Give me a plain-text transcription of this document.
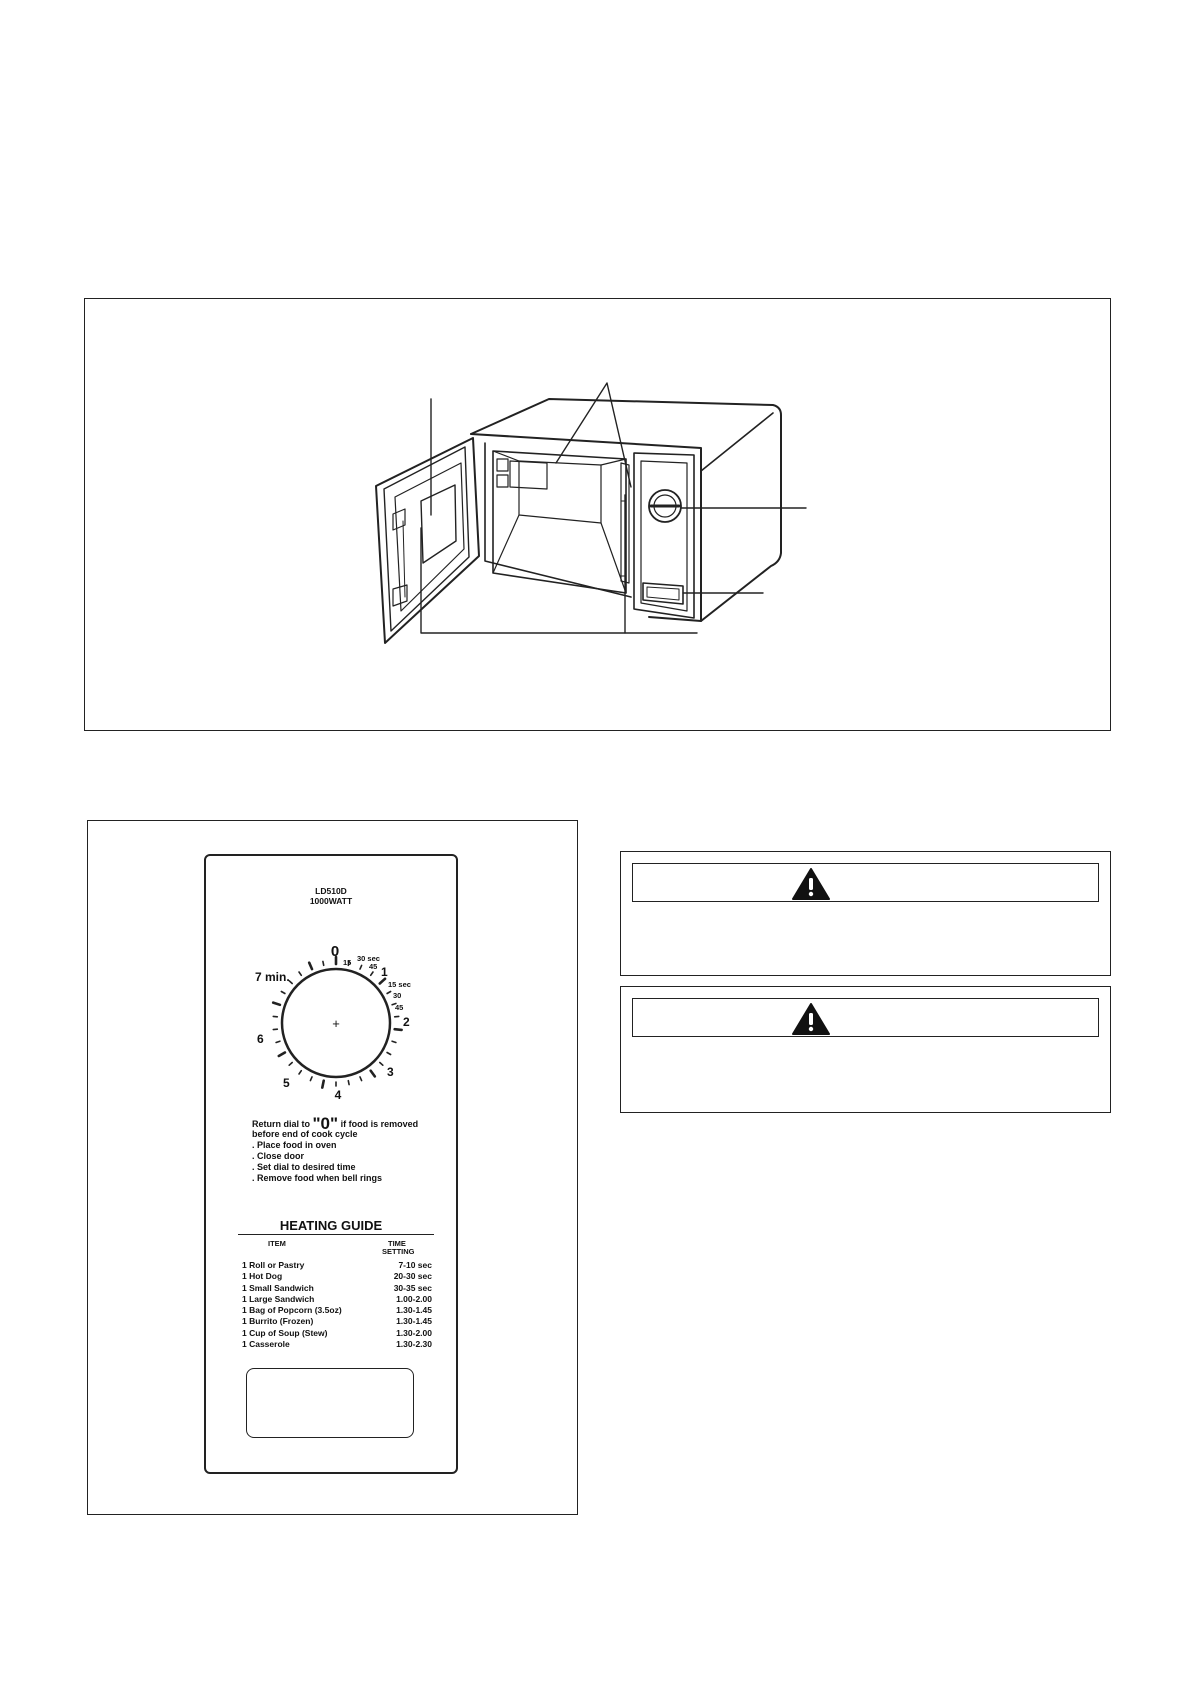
LD510D
1000WATT
0
15 30 sec
45 1
15 sec
30
45
2
3
4
5
6
7 min.
+
Return dial to "0" if food is removed
before end of cook cycle
. Place food in oven
. Close door
. Set dial to desired time
. Remove food when bell rings
HEATING GUIDE
ITEM	TIME
SETTING
1 Roll or Pastry	7-10 sec
1 Hot Dog	20-30 sec
1 Small Sandwich	30-35 sec
1 Large Sandwich	1.00-2.00
1 Bag of Popcorn (3.5oz)	1.30-1.45
1 Burrito (Frozen)	1.30-1.45
1 Cup of Soup (Stew)	1.30-2.00
1 Casserole	1.30-2.30
